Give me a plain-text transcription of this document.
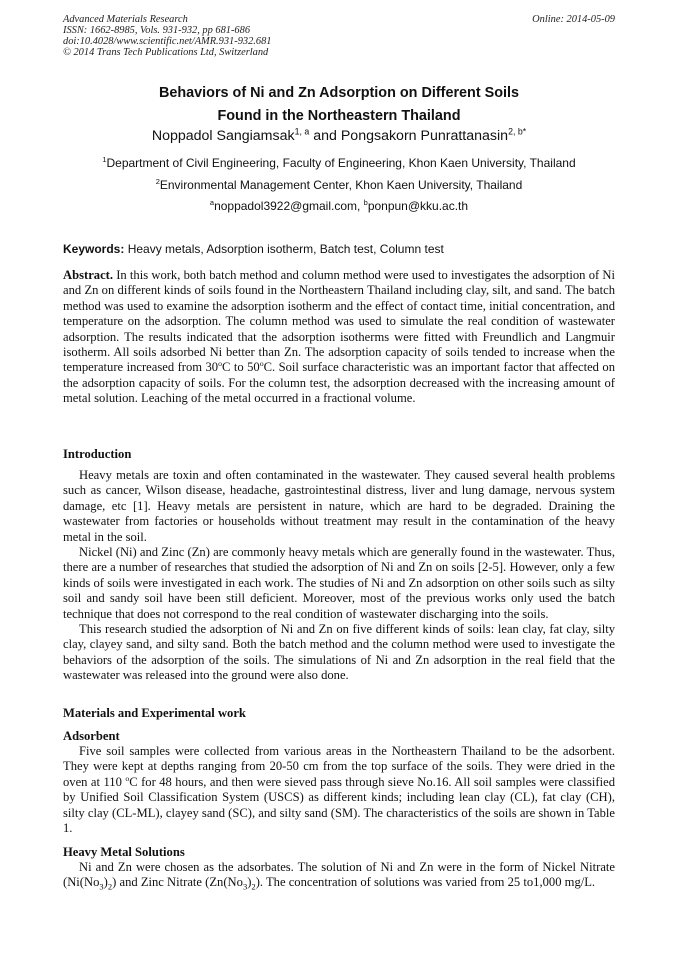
Advanced Materials Research
ISSN: 1662-8985, Vols. 931-932, pp 681-686
doi:10.4028/www.scientific.net/AMR.931-932.681
© 2014 Trans Tech Publications Ltd, Switzerland
Online: 2014-05-09
Behaviors of Ni and Zn Adsorption on Different Soils
Found in the Northeastern Thailand
Noppadol Sangiamsak$^{1, a}$ and Pongsakorn Punrattanasin$^{2, b*}$
$^1$Department of Civil Engineering, Faculty of Engineering, Khon Kaen University, Thailand
$^2$Environmental Management Center, Khon Kaen University, Thailand
$^a$noppadol3922@gmail.com, $^b$ponpun@kku.ac.th
Keywords: Heavy metals, Adsorption isotherm, Batch test, Column test

Abstract. In this work, both batch method and column method were used to investigates the adsorption of Ni and Zn on different kinds of soils found in the Northeastern Thailand including clay, silt, and sand. The batch method was used to examine the adsorption isotherm and the effect of contact time, initial concentration, and temperature on the adsorption. The column method was used to simulate the real condition of wastewater adsorption. The results indicated that the adsorption isotherms were fitted with Freundlich and Langmuir isotherm. All soils adsorbed Ni better than Zn. The adsorption capacity of soils tended to increase when the temperature increased from 30$^o$C to 50$^o$C. Soil surface characteristic was an important factor that affected on the adsorption capacity of soils. For the column test, the adsorption decreased with the increasing amount of metal solution. Leaching of the metal occurred in a fractional volume.

Introduction

Heavy metals are toxin and often contaminated in the wastewater. They caused several health problems such as cancer, Wilson disease, headache, gastrointestinal distress, liver and lung damage, nervous system damage, etc [1]. Heavy metals are persistent in nature, which are hard to be degraded. Draining the wastewater from factories or households without treatment may result in the contamination of the heavy metal in the soil.

Nickel (Ni) and Zinc (Zn) are commonly heavy metals which are generally found in the wastewater. Thus, there are a number of researches that studied the adsorption of Ni and Zn on soils [2-5]. However, only a few kinds of soils were investigated in each work. The studies of Ni and Zn adsorption on other soils such as silty soil and sandy soil have been still deficient. Moreover, most of the previous works only used the batch technique that does not correspond to the real condition of wastewater discharging into the soils.

This research studied the adsorption of Ni and Zn on five different kinds of soils: lean clay, fat clay, silty clay, clayey sand, and silty sand. Both the batch method and the column method were used to investigate the behaviors of the adsorption of the soils. The simulations of Ni and Zn adsorption in the real field that the wastewater was released into the ground were also done.

Materials and Experimental work
Adsorbent

Five soil samples were collected from various areas in the Northeastern Thailand to be the adsorbent. They were kept at depths ranging from 20-50 cm from the top surface of the soils. They were dried in the oven at 110 $^o$C for 48 hours, and then were sieved pass through sieve No.16. All soil samples were classified by Unified Soil Classification System (USCS) as different kinds; including lean clay (CL), fat clay (CH), silty clay (CL-ML), clayey sand (SC), and silty sand (SM). The characteristics of the soils are shown in Table 1.

Heavy Metal Solutions

Ni and Zn were chosen as the adsorbates. The solution of Ni and Zn were in the form of Nickel Nitrate $(Ni(No_3)_2)$ and Zinc Nitrate $(Zn(No_3)_2)$. The concentration of solutions was varied from 25 to1,000 mg/L.
